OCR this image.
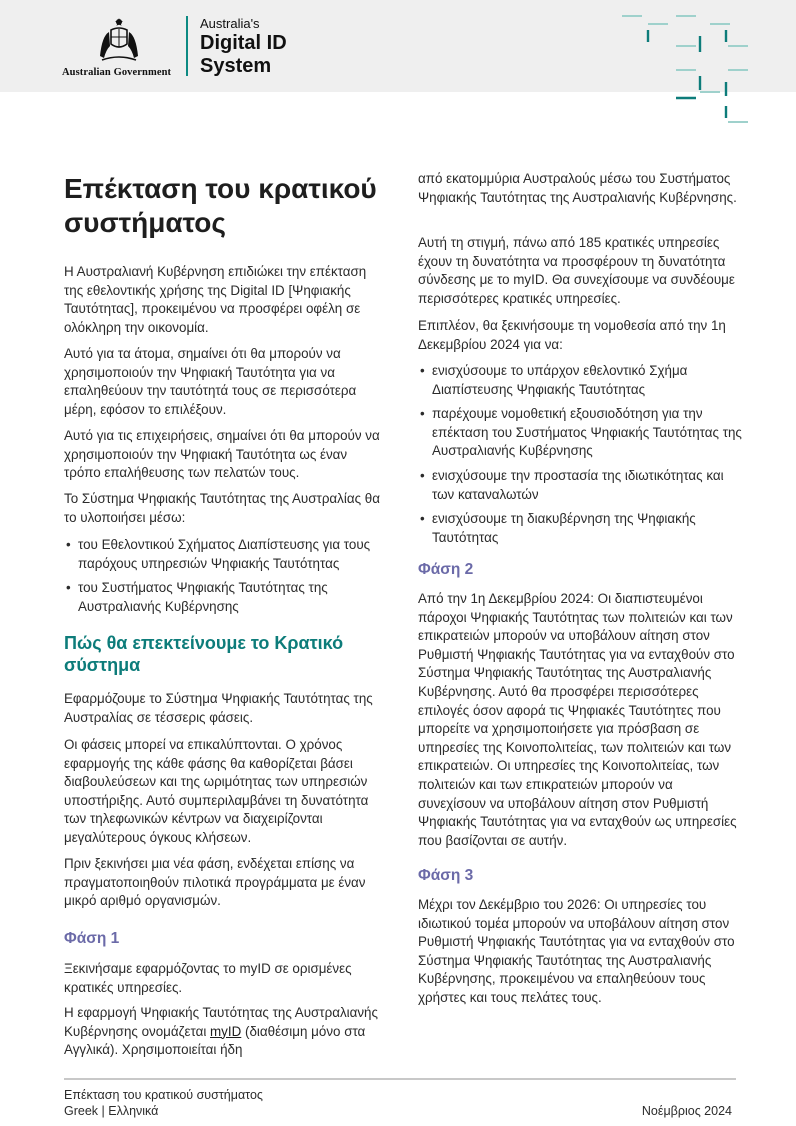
Australian Government
Australia's
Digital ID
System
Επέκταση του κρατικού συστήματος

Η Αυστραλιανή Κυβέρνηση επιδιώκει την επέκταση της εθελοντικής χρήσης της Digital ID [Ψηφιακής Ταυτότητας], προκειμένου να προσφέρει οφέλη σε ολόκληρη την οικονομία.

Αυτό για τα άτομα, σημαίνει ότι θα μπορούν να χρησιμοποιούν την Ψηφιακή Ταυτότητα για να επαληθεύουν την ταυτότητά τους σε περισσότερα μέρη, εφόσον το επιλέξουν.

Αυτό για τις επιχειρήσεις, σημαίνει ότι θα μπορούν να χρησιμοποιούν την Ψηφιακή Ταυτότητα ως έναν τρόπο επαλήθευσης των πελατών τους.

Το Σύστημα Ψηφιακής Ταυτότητας της Αυστραλίας θα το υλοποιήσει μέσω:

• του Εθελοντικού Σχήματος Διαπίστευσης για τους παρόχους υπηρεσιών Ψηφιακής Ταυτότητας
• του Συστήματος Ψηφιακής Ταυτότητας της Αυστραλιανής Κυβέρνησης
Πώς θα επεκτείνουμε το Κρατικό σύστημα

Εφαρμόζουμε το Σύστημα Ψηφιακής Ταυτότητας της Αυστραλίας σε τέσσερις φάσεις.

Οι φάσεις μπορεί να επικαλύπτονται. Ο χρόνος εφαρμογής της κάθε φάσης θα καθορίζεται βάσει διαβουλεύσεων και της ωριμότητας των υπηρεσιών υποστήριξης. Αυτό συμπεριλαμβάνει τη δυνατότητα των τηλεφωνικών κέντρων να διαχειρίζονται μεγαλύτερους όγκους κλήσεων.

Πριν ξεκινήσει μια νέα φάση, ενδέχεται επίσης να πραγματοποιηθούν πιλοτικά προγράμματα με έναν μικρό αριθμό οργανισμών.

Φάση 1

Ξεκινήσαμε εφαρμόζοντας το myID σε ορισμένες κρατικές υπηρεσίες.

Η εφαρμογή Ψηφιακής Ταυτότητας της Αυστραλιανής Κυβέρνησης ονομάζεται myID (διαθέσιμη μόνο στα Αγγλικά). Χρησιμοποιείται ήδη

από εκατομμύρια Αυστραλούς μέσω του Συστήματος Ψηφιακής Ταυτότητας της Αυστραλιανής Κυβέρνησης.

Αυτή τη στιγμή, πάνω από 185 κρατικές υπηρεσίες έχουν τη δυνατότητα να προσφέρουν τη δυνατότητα σύνδεσης με το myID. Θα συνεχίσουμε να συνδέουμε περισσότερες κρατικές υπηρεσίες.

Επιπλέον, θα ξεκινήσουμε τη νομοθεσία από την 1η Δεκεμβρίου 2024 για να:

• ενισχύσουμε το υπάρχον εθελοντικό Σχήμα Διαπίστευσης Ψηφιακής Ταυτότητας
• παρέχουμε νομοθετική εξουσιοδότηση για την επέκταση του Συστήματος Ψηφιακής Ταυτότητας της Αυστραλιανής Κυβέρνησης
• ενισχύσουμε την προστασία της ιδιωτικότητας και των καταναλωτών
• ενισχύσουμε τη διακυβέρνηση της Ψηφιακής Ταυτότητας
Φάση 2

Από την 1η Δεκεμβρίου 2024: Οι διαπιστευμένοι πάροχοι Ψηφιακής Ταυτότητας των πολιτειών και των επικρατειών μπορούν να υποβάλουν αίτηση στον Ρυθμιστή Ψηφιακής Ταυτότητας για να ενταχθούν στο Σύστημα Ψηφιακής Ταυτότητας της Αυστραλιανής Κυβέρνησης. Αυτό θα προσφέρει περισσότερες επιλογές όσον αφορά τις Ψηφιακές Ταυτότητες που μπορείτε να χρησιμοποιήσετε για πρόσβαση σε υπηρεσίες της Κοινοπολιτείας, των πολιτειών και των επικρατειών. Οι υπηρεσίες της Κοινοπολιτείας, των πολιτειών και των επικρατειών μπορούν να συνεχίσουν να υποβάλουν αίτηση στον Ρυθμιστή Ψηφιακής Ταυτότητας για να ενταχθούν ως υπηρεσίες που βασίζονται σε αυτήν.

Φάση 3

Μέχρι τον Δεκέμβριο του 2026: Οι υπηρεσίες του ιδιωτικού τομέα μπορούν να υποβάλουν αίτηση στον Ρυθμιστή Ψηφιακής Ταυτότητας για να ενταχθούν στο Σύστημα Ψηφιακής Ταυτότητας της Αυστραλιανής Κυβέρνησης, προκειμένου να επαληθεύουν τους χρήστες και τους πελάτες τους.

Επέκταση του κρατικού συστήματος
Greek | Ελληνικά	Νοέμβριος 2024
